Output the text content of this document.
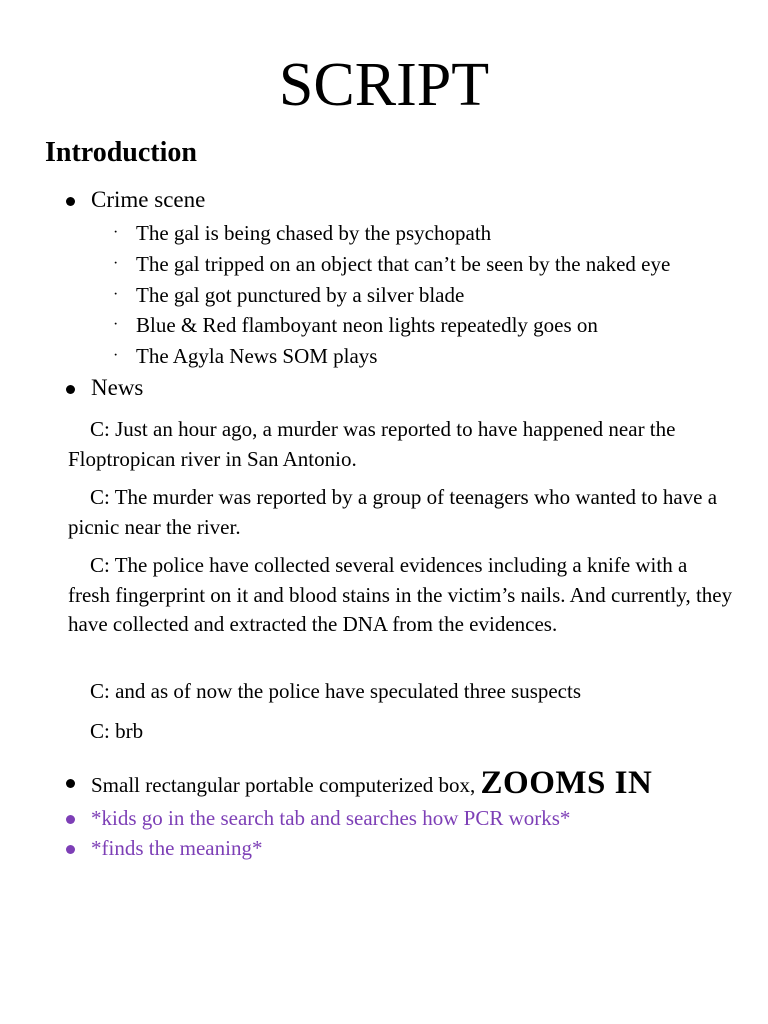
SCRIPT
Introduction
Crime scene
· The gal is being chased by the psychopath
· The gal tripped on an object that can’t be seen by the naked eye
· The gal got punctured by a silver blade
· Blue & Red flamboyant neon lights repeatedly goes on
· The Agyla News SOM plays
News

C: Just an hour ago, a murder was reported to have happened near the Floptropican river in San Antonio.

C: The murder was reported by a group of teenagers who wanted to have a picnic near the river.

C: The police have collected several evidences including a knife with a fresh fingerprint on it and blood stains in the victim’s nails. And currently, they have collected and extracted the DNA from the evidences.

C: and as of now the police have speculated three suspects

C: brb

Small rectangular portable computerized box, ZOOMS IN
*kids go in the search tab and searches how PCR works*
*finds the meaning*
